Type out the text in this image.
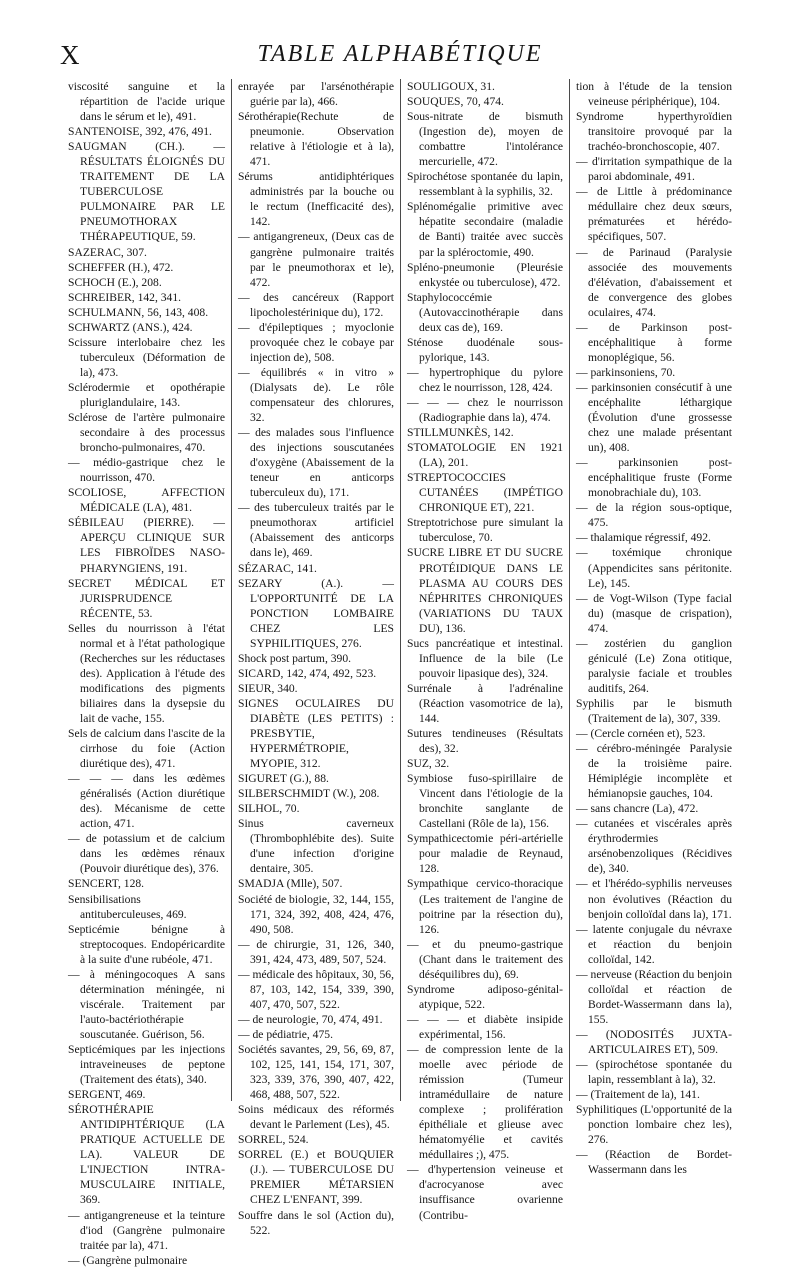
X	TABLE ALPHABÉTIQUE

viscosité sanguine et la répartition de l'acide urique dans le sérum et le), 491.

SANTENOISE, 392, 476, 491.

SAUGMAN (CH.). —RÉSULTATS ÉLOIGNÉS DU TRAITEMENT DE LA TUBERCULOSE PULMONAIRE PAR LE PNEUMOTHORAX THÉRAPEUTIQUE, 59.

SAZERAC, 307.

SCHEFFER (H.), 472.

SCHOCH (E.), 208.

SCHREIBER, 142, 341.

SCHULMANN, 56, 143, 408.

SCHWARTZ (ANS.), 424.

Scissure interlobaire chez les tuberculeux (Déformation de la), 473.

Sclérodermie et opothérapie pluriglandulaire, 143.

Sclérose de l'artère pulmonaire secondaire à des processus broncho-pulmonaires, 470.

— médio-gastrique chez le nourrisson, 470.

SCOLIOSE, AFFECTION MÉDICALE (LA), 481.

SÉBILEAU (PIERRE). —APERÇU CLINIQUE SUR LES FIBROÏDES NASO-PHARYNGIENS, 191.

SECRET MÉDICAL ET JURISPRUDENCE RÉCENTE, 53.

Selles du nourrisson à l'état normal et à l'état pathologique (Recherches sur les réductases des). Application à l'étude des modifications des pigments biliaires dans la dysepsie du lait de vache, 155.

Sels de calcium dans l'ascite de la cirrhose du foie (Action diurétique des), 471.

— — — dans les œdèmes généralisés (Action diurétique des). Mécanisme de cette action, 471.

— de potassium et de calcium dans les œdèmes rénaux (Pouvoir diurétique des), 376.

SENCERT, 128.

Sensibilisations antituberculeuses, 469.

Septicémie bénigne à streptocoques. Endopéricardite à la suite d'une rubéole, 471.

— à méningocoques A sans détermination méningée, ni viscérale. Traitement par l'auto-bactériothérapie souscutanée. Guérison, 56.

Septicémiques par les injections intraveineuses de peptone (Traitement des états), 340.

SERGENT, 469.

SÉROTHÉRAPIE ANTIDIPHTÉRIQUE (LA PRATIQUE ACTUELLE DE LA). VALEUR DE L'INJECTION INTRA-MUSCULAIRE INITIALE, 369.

— antigangreneuse et la teinture d'iod (Gangrène pulmonaire traitée par la), 471.

— (Gangrène pulmonaire

enrayée par l'arsénothérapie guérie par la), 466.

Sérothérapie(Rechute de pneumonie. Observation relative à l'étiologie et à la), 471.

Sérums antidiphtériques administrés par la bouche ou le rectum (Inefficacité des), 142.

— antigangreneux, (Deux cas de gangrène pulmonaire traités par le pneumothorax et le), 472.

— des cancéreux (Rapport lipocholestérinique du), 172.

— d'épileptiques ; myoclonie provoquée chez le cobaye par injection de), 508.

— équilibrés « in vitro » (Dialysats de). Le rôle compensateur des chlorures, 32.

— des malades sous l'influence des injections souscutanées d'oxygène (Abaissement de la teneur en anticorps tuberculeux du), 171.

— des tuberculeux traités par le pneumothorax artificiel (Abaissement des anticorps dans le), 469.

SÉZARAC, 141.

SEZARY (A.). — L'OPPORTUNITÉ DE LA PONCTION LOMBAIRE CHEZ LES SYPHILITIQUES, 276.

Shock post partum, 390.

SICARD, 142, 474, 492, 523.

SIEUR, 340.

SIGNES OCULAIRES DU DIABÈTE (LES PETITS) : PRESBYTIE, HYPERMÉTROPIE, MYOPIE, 312.

SIGURET (G.), 88.

SILBERSCHMIDT (W.), 208.

SILHOL, 70.

Sinus caverneux (Thrombophlébite des). Suite d'une infection d'origine dentaire, 305.

SMADJA (Mlle), 507.

Société de biologie, 32, 144, 155, 171, 324, 392, 408, 424, 476, 490, 508.

— de chirurgie, 31, 126, 340, 391, 424, 473, 489, 507, 524.

— médicale des hôpitaux, 30, 56, 87, 103, 142, 154, 339, 390, 407, 470, 507, 522.

— de neurologie, 70, 474, 491.

— de pédiatrie, 475.

Sociétés savantes, 29, 56, 69, 87, 102, 125, 141, 154, 171, 307, 323, 339, 376, 390, 407, 422, 468, 488, 507, 522.

Soins médicaux des réformés devant le Parlement (Les), 45.

SORREL, 524.

SORREL (E.) et BOUQUIER (J.). — TUBERCULOSE DU PREMIER MÉTARSIEN CHEZ L'ENFANT, 399.

Souffre dans le sol (Action du), 522.

SOULIGOUX, 31.

SOUQUES, 70, 474.

Sous-nitrate de bismuth (Ingestion de), moyen de combattre l'intolérance mercurielle, 472.

Spirochétose spontanée du lapin, ressemblant à la syphilis, 32.

Splénomégalie primitive avec hépatite secondaire (maladie de Banti) traitée avec succès par la spléroctomie, 490.

Spléno-pneumonie (Pleurésie enkystée ou tuberculose), 472.

Staphylococcémie (Autovaccinothérapie dans deux cas de), 169.

Sténose duodénale sous-pylorique, 143.

— hypertrophique du pylore chez le nourrisson, 128, 424.

— — — chez le nourrisson (Radiographie dans la), 474.

STILLMUNKÈS, 142.

STOMATOLOGIE EN 1921 (LA), 201.

STREPTOCOCCIES CUTANÉES (IMPÉTIGO CHRONIQUE ET), 221.

Streptotrichose pure simulant la tuberculose, 70.

SUCRE LIBRE ET DU SUCRE PROTÉIDIQUE DANS LE PLASMA AU COURS DES NÉPHRITES CHRONIQUES (VARIATIONS DU TAUX DU), 136.

Sucs pancréatique et intestinal. Influence de la bile (Le pouvoir lipasique des), 324.

Surrénale à l'adrénaline (Réaction vasomotrice de la), 144.

Sutures tendineuses (Résultats des), 32.

SUZ, 32.

Symbiose fuso-spirillaire de Vincent dans l'étiologie de la bronchite sanglante de Castellani (Rôle de la), 156.

Sympathicectomie péri-artérielle pour maladie de Reynaud, 128.

Sympathique cervico-thoracique (Les traitement de l'angine de poitrine par la résection du), 126.

— et du pneumo-gastrique (Chant dans le traitement des déséquilibres du), 69.

Syndrome adiposo-génital-atypique, 522.

— — — et diabète insipide expérimental, 156.

— de compression lente de la moelle avec période de rémission (Tumeur intramédullaire de nature complexe ; prolifération épithéliale et glieuse avec hématomyélie et cavités médullaires ;), 475.

— d'hypertension veineuse et d'acrocyanose avec insuffisance ovarienne (Contribu-

tion à l'étude de la tension veineuse périphérique), 104.

Syndrome hyperthyroïdien transitoire provoqué par la trachéo-bronchoscopie, 407.

— d'irritation sympathique de la paroi abdominale, 491.

— de Little à prédominance médullaire chez deux sœurs, prématurées et hérédo-spécifiques, 507.

— de Parinaud (Paralysie associée des mouvements d'élévation, d'abaissement et de convergence des globes oculaires, 474.

— de Parkinson post-encéphalitique à forme monoplégique, 56.

— parkinsoniens, 70.

— parkinsonien consécutif à une encéphalite léthargique (Évolution d'une grossesse chez une malade présentant un), 408.

— parkinsonien post-encéphalitique fruste (Forme monobrachiale du), 103.

— de la région sous-optique, 475.

— thalamique régressif, 492.

— toxémique chronique (Appendicites sans péritonite. Le), 145.

— de Vogt-Wilson (Type facial du) (masque de crispation), 474.

— zostérien du ganglion géniculé (Le) Zona otitique, paralysie faciale et troubles auditifs, 264.

Syphilis par le bismuth (Traitement de la), 307, 339.

— (Cercle cornéen et), 523.

— cérébro-méningée Paralysie de la troisième paire. Hémiplégie incomplète et hémianopsie gauches, 104.

— sans chancre (La), 472.

— cutanées et viscérales après érythrodermies arsénobenzoliques (Récidives de), 340.

— et l'hérédo-syphilis nerveuses non évolutives (Réaction du benjoin colloïdal dans la), 171.

— latente conjugale du névraxe et réaction du benjoin colloïdal, 142.

— nerveuse (Réaction du benjoin colloïdal et réaction de Bordet-Wassermann dans la), 155.

— (NODOSITÉS JUXTA-ARTICULAIRES ET), 509.

— (spirochétose spontanée du lapin, ressemblant à la), 32.

— (Traitement de la), 141.

Syphilitiques (L'opportunité de la ponction lombaire chez les), 276.

— (Réaction de Bordet-Wassermann dans les
